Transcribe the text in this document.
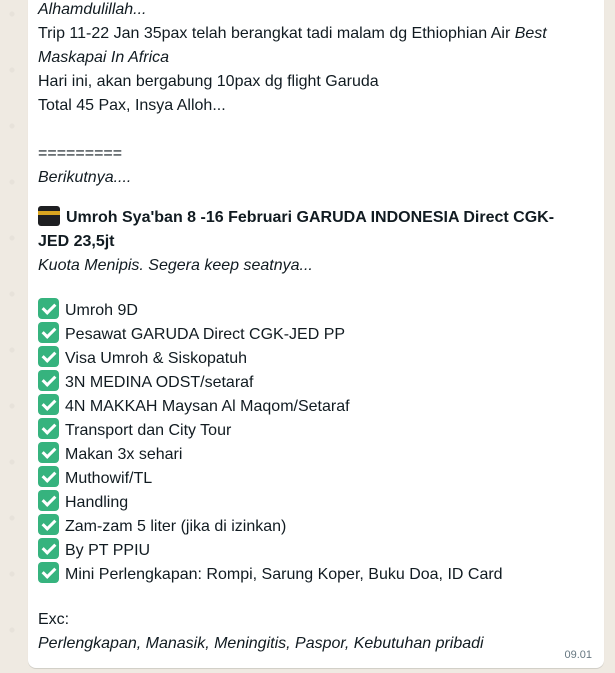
Alhamdulillah...
Trip 11-22 Jan 35pax telah berangkat tadi malam dg Ethiophian Air Best
Maskapai In Africa
Hari ini, akan bergabung 10pax dg flight Garuda
Total 45 Pax, Insya Alloh...
=========
Berikutnya....
Umroh Sya'ban 8 -16 Februari GARUDA INDONESIA Direct CGK-
JED 23,5jt
Kuota Menipis. Segera keep seatnya...
Umroh 9D
Pesawat GARUDA Direct CGK-JED PP
Visa Umroh & Siskopatuh
3N MEDINA ODST/setaraf
4N MAKKAH Maysan Al Maqom/Setaraf
Transport dan City Tour
Makan 3x sehari
Muthowif/TL
Handling
Zam-zam 5 liter (jika di izinkan)
By PT PPIU
Mini Perlengkapan: Rompi, Sarung Koper, Buku Doa, ID Card
Exc:
Perlengkapan, Manasik, Meningitis, Paspor, Kebutuhan pribadi
09.01
